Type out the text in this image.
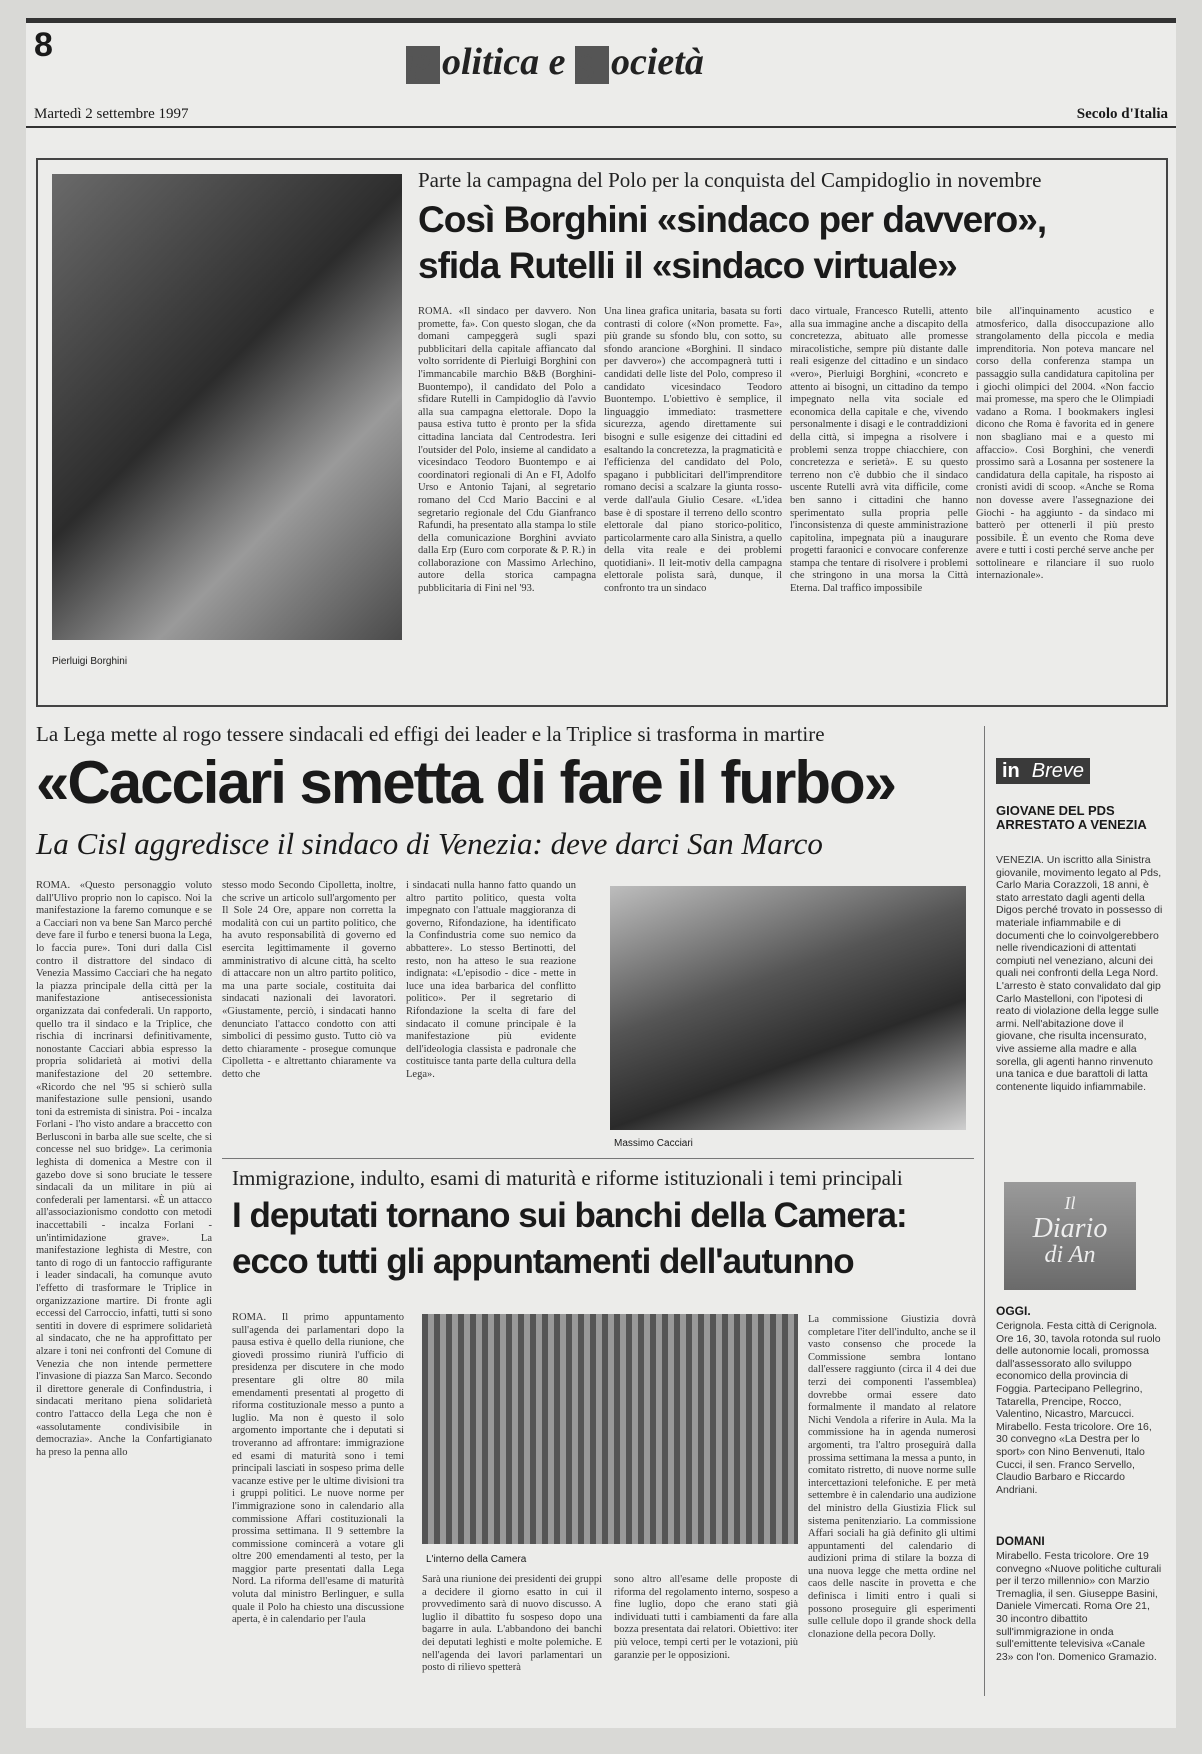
8
P olitica e S ocietà
Martedì 2 settembre 1997	Secolo d'Italia
Pierluigi Borghini
Parte la campagna del Polo per la conquista del Campidoglio in novembre
Così Borghini «sindaco per davvero»,
sfida Rutelli il «sindaco virtuale»
ROMA. «Il sindaco per davvero. Non promette, fa». Con questo slogan, che da domani campeggerà sugli spazi pubblicitari della capitale affiancato dal volto sorridente di Pierluigi Borghini con l'immancabile marchio B&B (Borghini-Buontempo), il candidato del Polo a sfidare Rutelli in Campidoglio dà l'avvio alla sua campagna elettorale. Dopo la pausa estiva tutto è pronto per la sfida cittadina lanciata dal Centrodestra. Ieri l'outsider del Polo, insieme al candidato a vicesindaco Teodoro Buontempo e ai coordinatori regionali di An e FI, Adolfo Urso e Antonio Tajani, al segretario romano del Ccd Mario Baccini e al segretario regionale del Cdu Gianfranco Rafundi, ha presentato alla stampa lo stile della comunicazione Borghini avviato dalla Erp (Euro com corporate & P. R.) in collaborazione con Massimo Arlechino, autore della storica campagna pubblicitaria di Fini nel '93.
Una linea grafica unitaria, basata su forti contrasti di colore («Non promette. Fa», più grande su sfondo blu, con sotto, su sfondo arancione «Borghini. Il sindaco per davvero») che accompagnerà tutti i candidati delle liste del Polo, compreso il candidato vicesindaco Teodoro Buontempo. L'obiettivo è semplice, il linguaggio immediato: trasmettere sicurezza, agendo direttamente sui bisogni e sulle esigenze dei cittadini ed esaltando la concretezza, la pragmaticità e l'efficienza del candidato del Polo, spagano i pubblicitari dell'imprenditore romano decisi a scalzare la giunta rosso-verde dall'aula Giulio Cesare. «L'idea base è di spostare il terreno dello scontro elettorale dal piano storico-politico, particolarmente caro alla Sinistra, a quello della vita reale e dei problemi quotidiani». Il leit-motiv della campagna elettorale polista sarà, dunque, il confronto tra un sindaco
daco virtuale, Francesco Rutelli, attento alla sua immagine anche a discapito della concretezza, abituato alle promesse miracolistiche, sempre più distante dalle reali esigenze del cittadino e un sindaco «vero», Pierluigi Borghini, «concreto e attento ai bisogni, un cittadino da tempo impegnato nella vita sociale ed economica della capitale e che, vivendo personalmente i disagi e le contraddizioni della città, si impegna a risolvere i problemi senza troppe chiacchiere, con concretezza e serietà». E su questo terreno non c'è dubbio che il sindaco uscente Rutelli avrà vita difficile, come ben sanno i cittadini che hanno sperimentato sulla propria pelle l'inconsistenza di queste amministrazione capitolina, impegnata più a inaugurare progetti faraonici e convocare conferenze stampa che tentare di risolvere i problemi che stringono in una morsa la Città Eterna. Dal traffico impossibile
bile all'inquinamento acustico e atmosferico, dalla disoccupazione allo strangolamento della piccola e media imprenditoria. Non poteva mancare nel corso della conferenza stampa un passaggio sulla candidatura capitolina per i giochi olimpici del 2004. «Non faccio mai promesse, ma spero che le Olimpiadi vadano a Roma. I bookmakers inglesi dicono che Roma è favorita ed in genere non sbagliano mai e a questo mi affaccio». Così Borghini, che venerdì prossimo sarà a Losanna per sostenere la candidatura della capitale, ha risposto ai cronisti avidi di scoop. «Anche se Roma non dovesse avere l'assegnazione dei Giochi - ha aggiunto - da sindaco mi batterò per ottenerli il più presto possibile. È un evento che Roma deve avere e tutti i costi perché serve anche per sottolineare e rilanciare il suo ruolo internazionale».
La Lega mette al rogo tessere sindacali ed effigi dei leader e la Triplice si trasforma in martire
«Cacciari smetta di fare il furbo»
La Cisl aggredisce il sindaco di Venezia: deve darci San Marco
ROMA. «Questo personaggio voluto dall'Ulivo proprio non lo capisco. Noi la manifestazione la faremo comunque e se a Cacciari non va bene San Marco perché deve fare il furbo e tenersi buona la Lega, lo faccia pure». Toni duri dalla Cisl contro il distrattore del sindaco di Venezia Massimo Cacciari che ha negato la piazza principale della città per la manifestazione antisecessionista organizzata dai confederali. Un rapporto, quello tra il sindaco e la Triplice, che rischia di incrinarsi definitivamente, nonostante Cacciari abbia espresso la propria solidarietà ai motivi della manifestazione del 20 settembre. «Ricordo che nel '95 si schierò sulla manifestazione sulle pensioni, usando toni da estremista di sinistra. Poi - incalza Forlani - l'ho visto andare a braccetto con Berlusconi in barba alle sue scelte, che si concesse nel suo bridge». La cerimonia leghista di domenica a Mestre con il gazebo dove si sono bruciate le tessere sindacali da un militare in più ai confederali per lamentarsi. «È un attacco all'associazionismo condotto con metodi inaccettabili - incalza Forlani - un'intimidazione grave». La manifestazione leghista di Mestre, con tanto di rogo di un fantoccio raffigurante i leader sindacali, ha comunque avuto l'effetto di trasformare le Triplice in organizzazione martire. Di fronte agli eccessi del Carroccio, infatti, tutti si sono sentiti in dovere di esprimere solidarietà al sindacato, che ne ha approfittato per alzare i toni nei confronti del Comune di Venezia che non intende permettere l'invasione di piazza San Marco. Secondo il direttore generale di Confindustria, i sindacati meritano piena solidarietà contro l'attacco della Lega che non è «assolutamente condivisibile in democrazia». Anche la Confartigianato ha preso la penna allo
stesso modo Secondo Cipolletta, inoltre, che scrive un articolo sull'argomento per Il Sole 24 Ore, appare non corretta la modalità con cui un partito politico, che ha avuto responsabilità di governo ed esercita legittimamente il governo amministrativo di alcune città, ha scelto di attaccare non un altro partito politico, ma una parte sociale, costituita dai sindacati nazionali dei lavoratori. «Giustamente, perciò, i sindacati hanno denunciato l'attacco condotto con atti simbolici di pessimo gusto. Tutto ciò va detto chiaramente - prosegue comunque Cipolletta - e altrettanto chiaramente va detto che
i sindacati nulla hanno fatto quando un altro partito politico, questa volta impegnato con l'attuale maggioranza di governo, Rifondazione, ha identificato la Confindustria come suo nemico da abbattere». Lo stesso Bertinotti, del resto, non ha atteso le sua reazione indignata: «L'episodio - dice - mette in luce una idea barbarica del conflitto politico». Per il segretario di Rifondazione la scelta di fare del sindacato il comune principale è la manifestazione più evidente dell'ideologia classista e padronale che costituisce tanta parte della cultura della Lega».
Massimo Cacciari
in Breve
GIOVANE DEL PDS ARRESTATO A VENEZIA
VENEZIA. Un iscritto alla Sinistra giovanile, movimento legato al Pds, Carlo Maria Corazzoli, 18 anni, è stato arrestato dagli agenti della Digos perché trovato in possesso di materiale infiammabile e di documenti che lo coinvolgerebbero nelle rivendicazioni di attentati compiuti nel veneziano, alcuni dei quali nei confronti della Lega Nord. L'arresto è stato convalidato dal gip Carlo Mastelloni, con l'ipotesi di reato di violazione della legge sulle armi. Nell'abitazione dove il giovane, che risulta incensurato, vive assieme alla madre e alla sorella, gli agenti hanno rinvenuto una tanica e due barattoli di latta contenente liquido infiammabile.
Il
Diario
di An
OGGI.
Cerignola. Festa città di Cerignola. Ore 16, 30, tavola rotonda sul ruolo delle autonomie locali, promossa dall'assessorato allo sviluppo economico della provincia di Foggia. Partecipano Pellegrino, Tatarella, Prencipe, Rocco, Valentino, Nicastro, Marcucci. Mirabello. Festa tricolore. Ore 16, 30 convegno «La Destra per lo sport» con Nino Benvenuti, Italo Cucci, il sen. Franco Servello, Claudio Barbaro e Riccardo Andriani.
DOMANI
Mirabello. Festa tricolore. Ore 19 convegno «Nuove politiche culturali per il terzo millennio» con Marzio Tremaglia, il sen. Giuseppe Basini, Daniele Vimercati. Roma Ore 21, 30 incontro dibattito sull'immigrazione in onda sull'emittente televisiva «Canale 23» con l'on. Domenico Gramazio.
Immigrazione, indulto, esami di maturità e riforme istituzionali i temi principali
I deputati tornano sui banchi della Camera:
ecco tutti gli appuntamenti dell'autunno
ROMA. Il primo appuntamento sull'agenda dei parlamentari dopo la pausa estiva è quello della riunione, che giovedì prossimo riunirà l'ufficio di presidenza per discutere in che modo presentare gli oltre 80 mila emendamenti presentati al progetto di riforma costituzionale messo a punto a luglio. Ma non è questo il solo argomento importante che i deputati si troveranno ad affrontare: immigrazione ed esami di maturità sono i temi principali lasciati in sospeso prima delle vacanze estive per le ultime divisioni tra i gruppi politici. Le nuove norme per l'immigrazione sono in calendario alla commissione Affari costituzionali la prossima settimana. Il 9 settembre la commissione comincerà a votare gli oltre 200 emendamenti al testo, per la maggior parte presentati dalla Lega Nord. La riforma dell'esame di maturità voluta dal ministro Berlinguer, e sulla quale il Polo ha chiesto una discussione aperta, è in calendario per l'aula
L'interno della Camera
Sarà una riunione dei presidenti dei gruppi a decidere il giorno esatto in cui il provvedimento sarà di nuovo discusso. A luglio il dibattito fu sospeso dopo una bagarre in aula. L'abbandono dei banchi dei deputati leghisti e molte polemiche. E nell'agenda dei lavori parlamentari un posto di rilievo spetterà
sono altro all'esame delle proposte di riforma del regolamento interno, sospeso a fine luglio, dopo che erano stati già individuati tutti i cambiamenti da fare alla bozza presentata dai relatori. Obiettivo: iter più veloce, tempi certi per le votazioni, più garanzie per le opposizioni.
La commissione Giustizia dovrà completare l'iter dell'indulto, anche se il vasto consenso che procede la Commissione sembra lontano dall'essere raggiunto (circa il 4 dei due terzi dei componenti l'assemblea) dovrebbe ormai essere dato formalmente il mandato al relatore Nichi Vendola a riferire in Aula. Ma la commissione ha in agenda numerosi argomenti, tra l'altro proseguirà dalla prossima settimana la messa a punto, in comitato ristretto, di nuove norme sulle intercettazioni telefoniche. E per metà settembre è in calendario una audizione del ministro della Giustizia Flick sul sistema penitenziario. La commissione Affari sociali ha già definito gli ultimi appuntamenti del calendario di audizioni prima di stilare la bozza di una nuova legge che metta ordine nel caos delle nascite in provetta e che definisca i limiti entro i quali si possono proseguire gli esperimenti sulle cellule dopo il grande shock della clonazione della pecora Dolly.
